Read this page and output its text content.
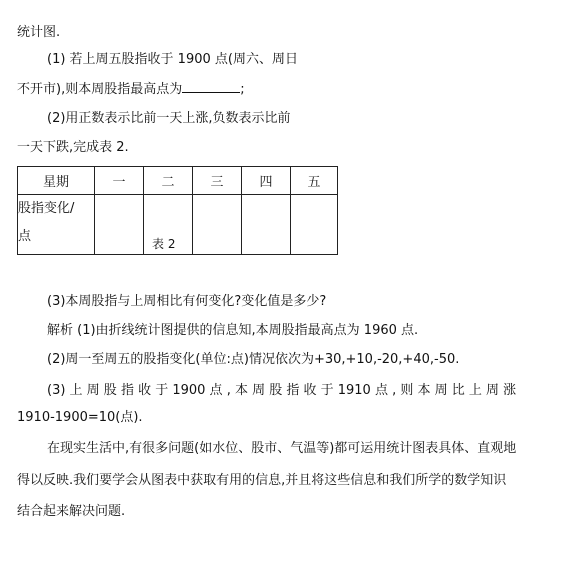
统计图.
(1) 若上周五股指收于 1900 点(周六、周日
不开市),则本周股指最高点为	;
(2)用正数表示比前一天上涨,负数表示比前
一天下跌,完成表 2.
星期	一	二	三	四	五
股指变化/
点		表 2			

(3)本周股指与上周相比有何变化?变化值是多少?
解析 (1)由折线统计图提供的信息知,本周股指最高点为 1960 点.
(2)周一至周五的股指变化(单位:点)情况依次为+30,+10,-20,+40,-50.
(3) 上 周 股 指 收 于 1900 点 , 本 周 股 指 收 于 1910 点 , 则 本 周 比 上 周 涨
1910-1900=10(点).
在现实生活中,有很多问题(如水位、股市、气温等)都可运用统计图表具体、直观地
得以反映.我们要学会从图表中获取有用的信息,并且将这些信息和我们所学的数学知识
结合起来解决问题.
